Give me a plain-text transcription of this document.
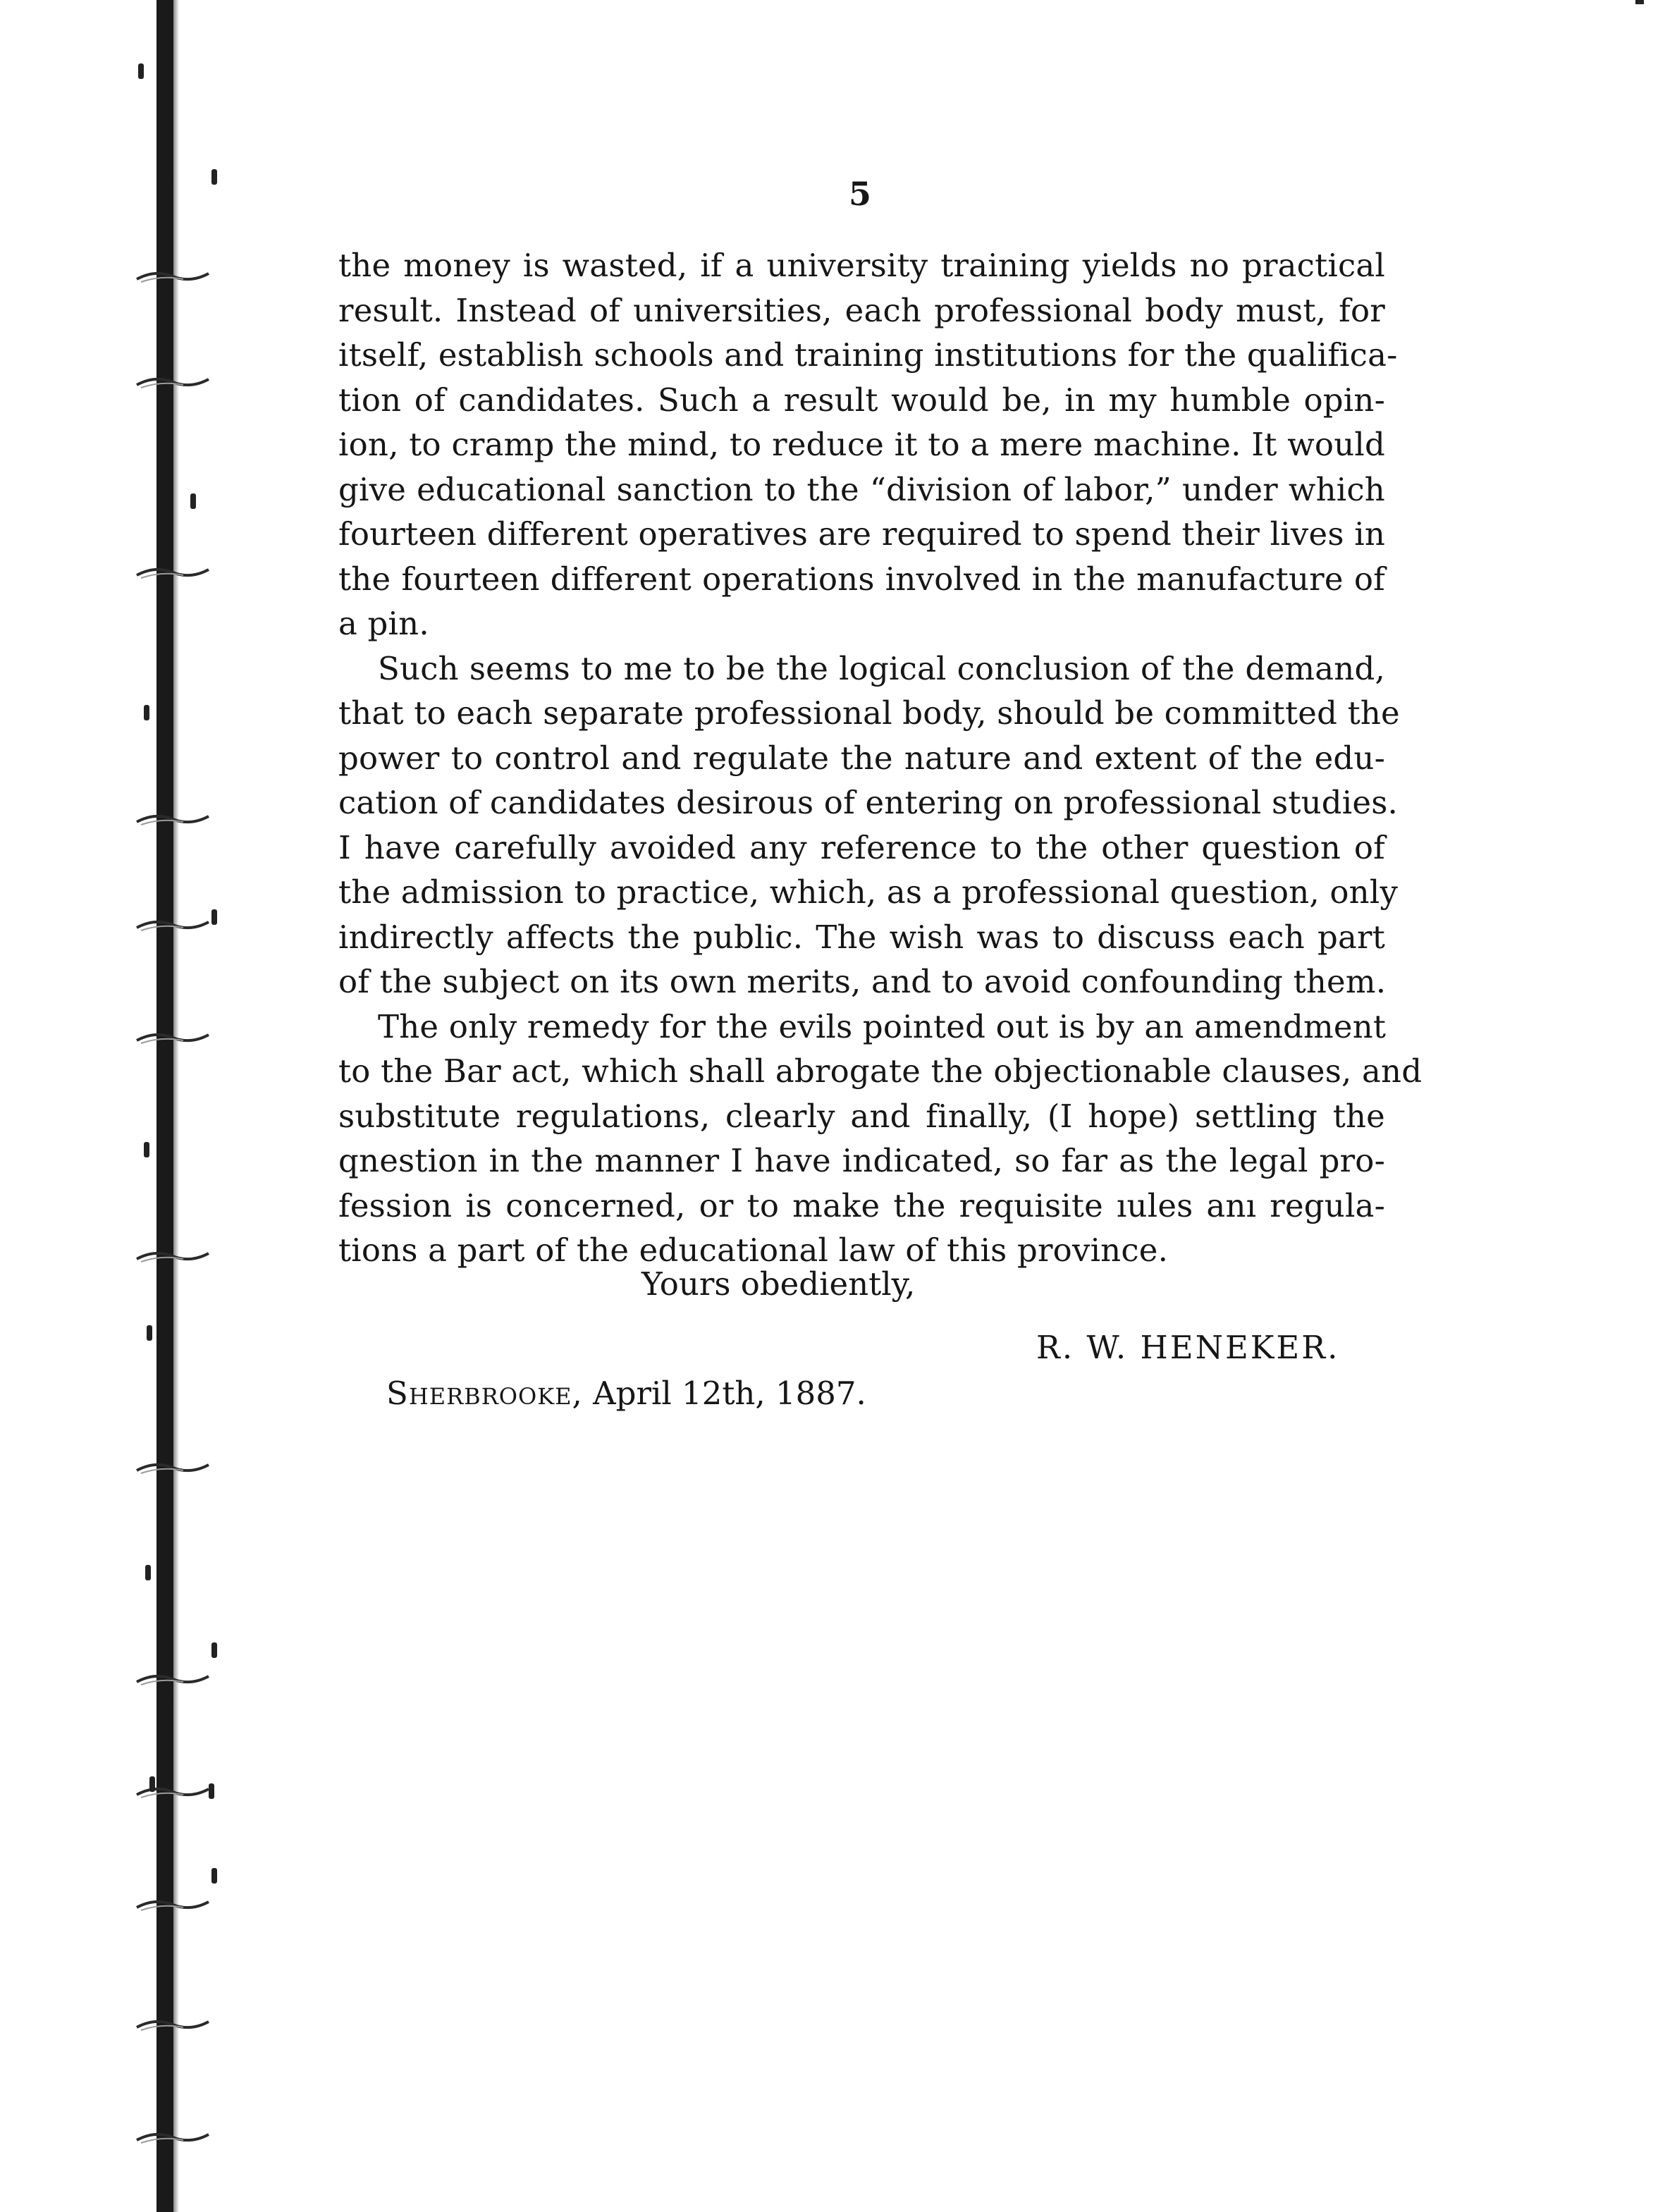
5
the money is wasted, if a university training yields no practical
result. Instead of universities, each professional body must, for
itself, establish schools and training institutions for the qualifica-
tion of candidates. Such a result would be, in my humble opin-
ion, to cramp the mind, to reduce it to a mere machine. It would
give educational sanction to the “division of labor,” under which
fourteen different operatives are required to spend their lives in
the fourteen different operations involved in the manufacture of
a pin.
Such seems to me to be the logical conclusion of the demand,
that to each separate professional body, should be committed the
power to control and regulate the nature and extent of the edu-
cation of candidates desirous of entering on professional studies.
I have carefully avoided any reference to the other question of
the admission to practice, which, as a professional question, only
indirectly affects the public. The wish was to discuss each part
of the subject on its own merits, and to avoid confounding them.
The only remedy for the evils pointed out is by an amendment
to the Bar act, which shall abrogate the objectionable clauses, and
substitute regulations, clearly and finally, (I hope) settling the
qnestion in the manner I have indicated, so far as the legal pro-
fession is concerned, or to make the requisite ıules anı regula-
tions a part of the educational law of this province.
Yours obediently,
R. W. HENEKER.
Sherbrooke, April 12th, 1887.
